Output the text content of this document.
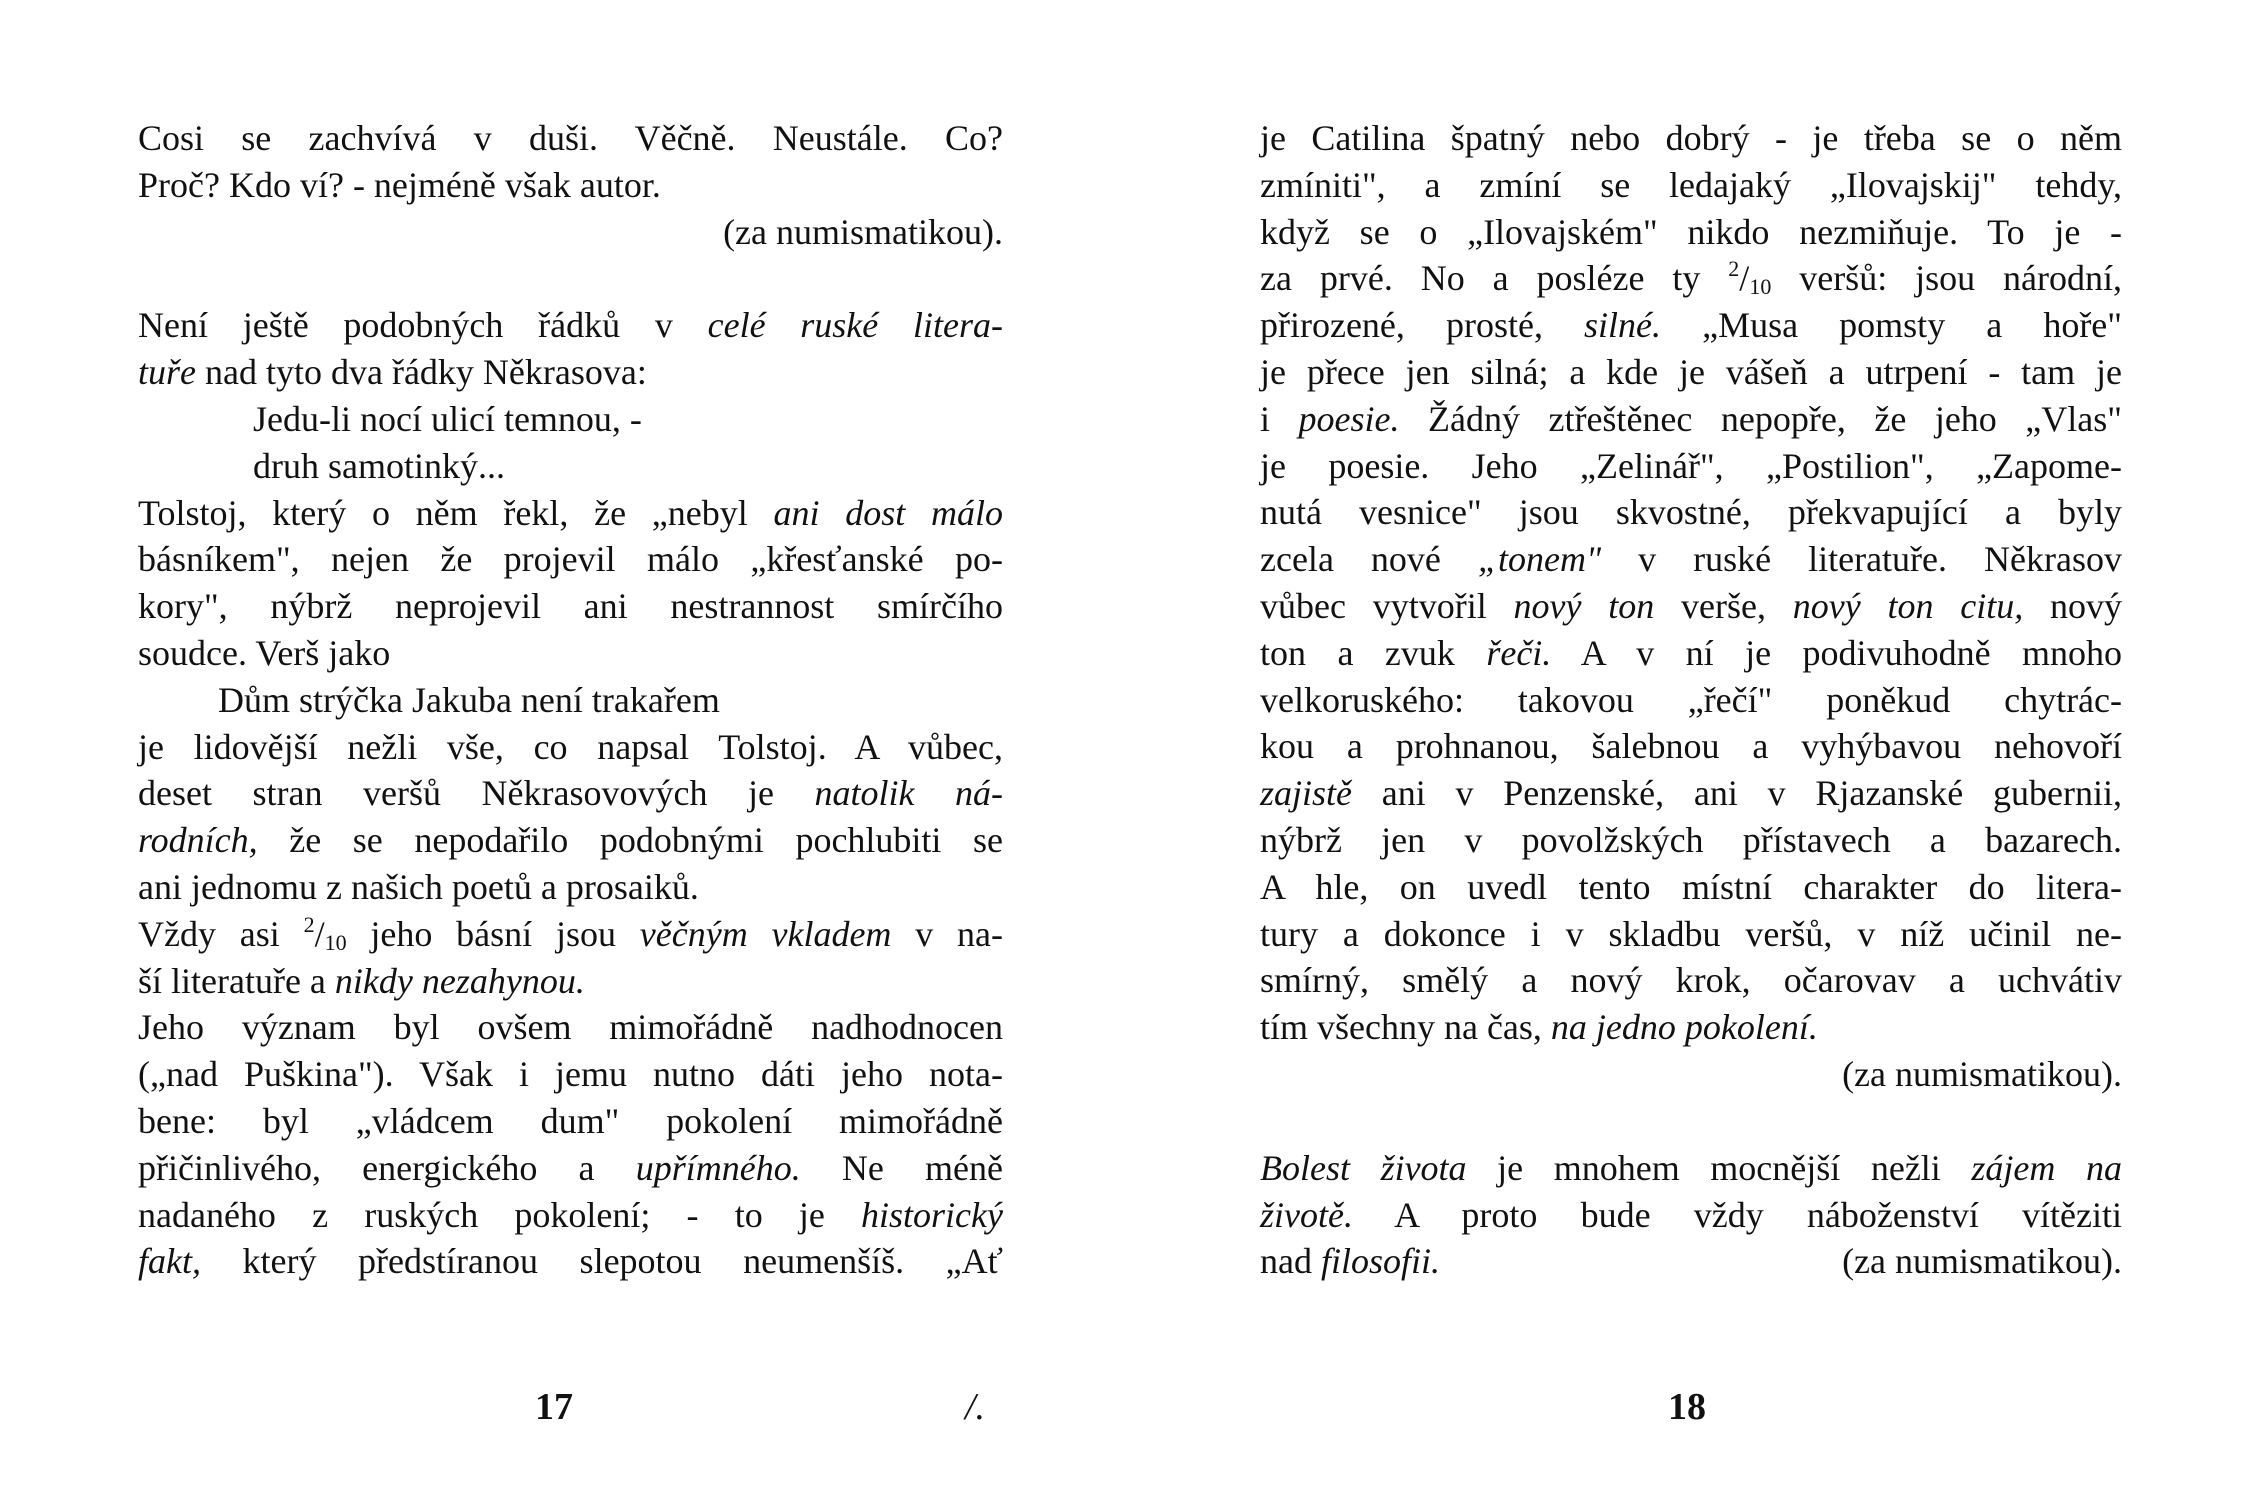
Cosi se zachvívá v duši. Věčně. Neustále. Co?
Proč? Kdo ví? - nejméně však autor.
(za numismatikou).
Není ještě podobných řádků v celé ruské litera-
tuře nad tyto dva řádky Někrasova:
Jedu-li nocí ulicí temnou, -
druh samotinký...
Tolstoj, který o něm řekl, že „nebyl ani dost málo
básníkem", nejen že projevil málo „křesťanské po-
kory", nýbrž neprojevil ani nestrannost smírčího
soudce. Verš jako
Dům strýčka Jakuba není trakařem
je lidovější nežli vše, co napsal Tolstoj. A vůbec,
deset stran veršů Někrasovových je natolik ná-
rodních, že se nepodařilo podobnými pochlubiti se
ani jednomu z našich poetů a prosaiků.
Vždy asi $^2/_{10}$ jeho básní jsou věčným vkladem v na-
ší literatuře a nikdy nezahynou.
Jeho význam byl ovšem mimořádně nadhodnocen
(„nad Puškina"). Však i jemu nutno dáti jeho nota-
bene: byl „vládcem dum" pokolení mimořádně
přičinlivého, energického a upřímného. Ne méně
nadaného z ruských pokolení; - to je historický
fakt, který předstíranou slepotou neumenšíš. „Ať
17	/.
je Catilina špatný nebo dobrý - je třeba se o něm
zmíniti", a zmíní se ledajaký „Ilovajskij" tehdy,
když se o „Ilovajském" nikdo nezmiňuje. To je -
za prvé. No a posléze ty $^2/_{10}$ veršů: jsou národní,
přirozené, prosté, silné. „Musa pomsty a hoře"
je přece jen silná; a kde je vášeň a utrpení - tam je
i poesie. Žádný ztřeštěnec nepopře, že jeho „Vlas"
je poesie. Jeho „Zelinář", „Postilion", „Zapome-
nutá vesnice" jsou skvostné, překvapující a byly
zcela nové „tonem" v ruské literatuře. Někrasov
vůbec vytvořil nový ton verše, nový ton citu, nový
ton a zvuk řeči. A v ní je podivuhodně mnoho
velkoruského: takovou „řečí" poněkud chytrác-
kou a prohnanou, šalebnou a vyhýbavou nehovoří
zajistě ani v Penzenské, ani v Rjazanské gubernii,
nýbrž jen v povolžských přístavech a bazarech.
A hle, on uvedl tento místní charakter do litera-
tury a dokonce i v skladbu veršů, v níž učinil ne-
smírný, smělý a nový krok, očarovav a uchvátiv
tím všechny na čas, na jedno pokolení.
(za numismatikou).
Bolest života je mnohem mocnější nežli zájem na
životě. A proto bude vždy náboženství vítěziti
nad filosofii.	(za numismatikou).
18
